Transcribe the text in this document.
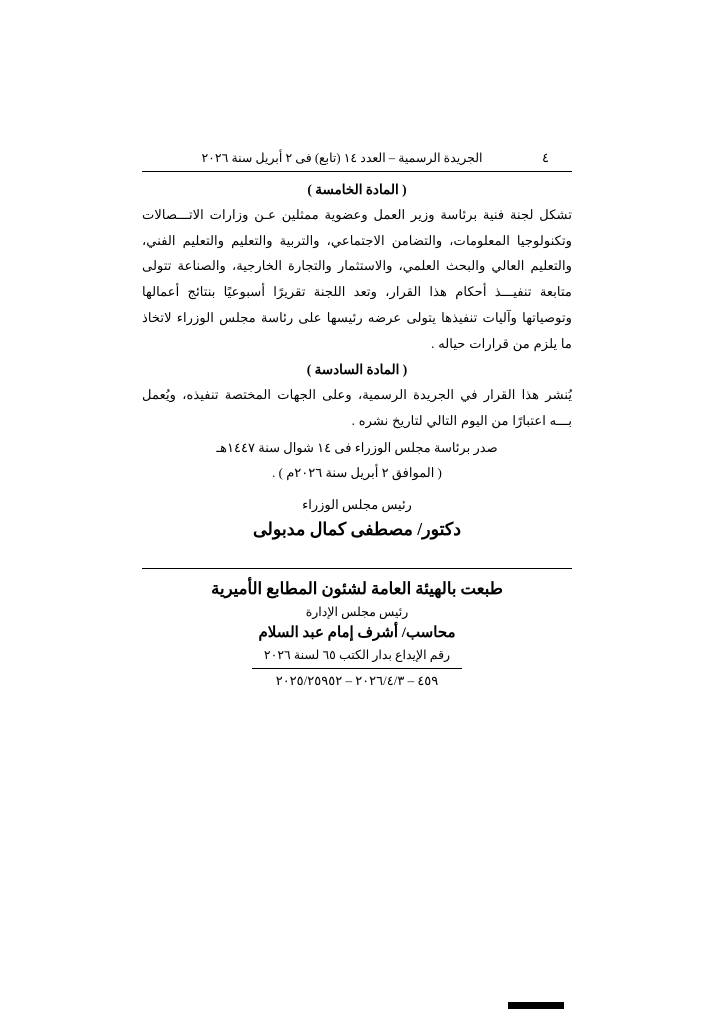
٤
الجريدة الرسمية – العدد ١٤ (تابع) فى ٢ أبريل سنة ٢٠٢٦
( المادة الخامسة )

تشكل لجنة فنية برئاسة وزير العمل وعضوية ممثلين عـن وزارات الاتـــصالات وتكنولوجيا المعلومات، والتضامن الاجتماعي، والتربية والتعليم والتعليم الفني، والتعليم العالي والبحث العلمي، والاستثمار والتجارة الخارجية، والصناعة تتولى متابعة تنفيـــذ أحكام هذا القرار، وتعد اللجنة تقريرًا أسبوعيًا بنتائج أعمالها وتوصياتها وآليات تنفيذها يتولى عرضه رئيسها على رئاسة مجلس الوزراء لاتخاذ ما يلزم من قرارات حياله .

( المادة السادسة )

يُنشر هذا القرار في الجريدة الرسمية، وعلى الجهات المختصة تنفيذه، ويُعمل بـــه اعتبارًا من اليوم التالي لتاريخ نشره .

صدر برئاسة مجلس الوزراء فى ١٤ شوال سنة ١٤٤٧هـ

( الموافق ٢ أبريل سنة ٢٠٢٦م ) .

رئيس مجلس الوزراء

دكتور/ مصطفى كمال مدبولى

طبعت بالهيئة العامة لشئون المطابع الأميرية
رئيس مجلس الإدارة
محاسب/ أشرف إمام عبد السلام
رقم الإيداع بدار الكتب ٦٥ لسنة ٢٠٢٦
٤٥٩ – ٢٠٢٦/٤/٣ – ٢٠٢٥/٢٥٩٥٢
